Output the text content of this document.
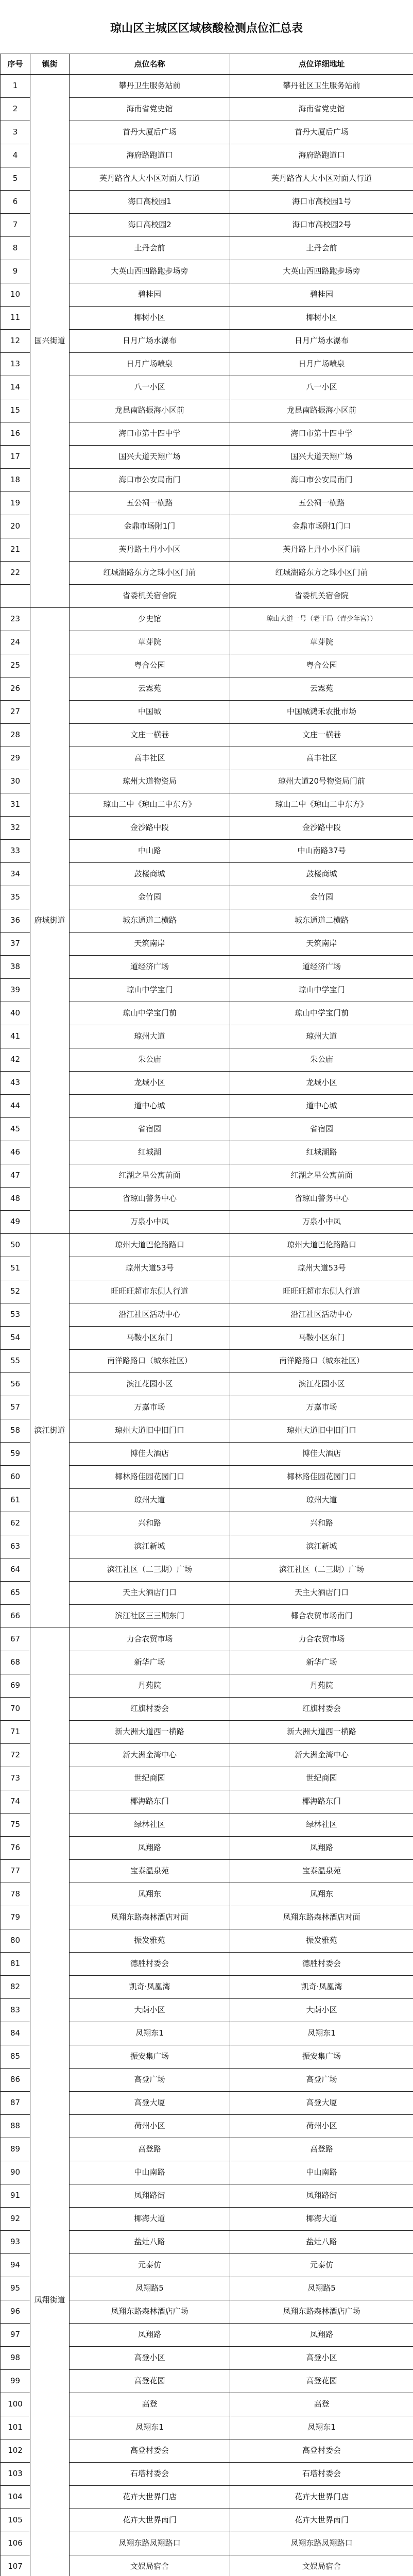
琼山区主城区区域核酸检测点位汇总表
序号	镇街	点位名称	点位详细地址
1	国兴街道	攀丹卫生服务站前	攀丹社区卫生服务站前
2		海南省党史馆	海南省党史馆
3		首丹大厦后广场	首丹大厦后广场
4		海府路跑道口	海府路跑道口
5		芙丹路省人大小区对面人行道	芙丹路省人大小区对面人行道
6		海口高校园1	海口市高校园1号
7		海口高校园2	海口市高校园2号
8		土丹会前	土丹会前
9		大英山西四路跑步场旁	大英山西四路跑步场旁
10		碧桂园	碧桂园
11		椰树小区	椰树小区
12		日月广场水瀑布	日月广场水瀑布
13		日月广场喷泉	日月广场喷泉
14		八一小区	八一小区
15		龙昆南路振海小区前	龙昆南路振海小区前
16		海口市第十四中学	海口市第十四中学
17		国兴大道天翔广场	国兴大道天翔广场
18		海口市公安局南门	海口市公安局南门
19		五公祠一横路	五公祠一横路
20		金鼎市场附1门	金鼎市场附1门口
21		芙丹路土丹小小区	芙丹路上丹小小区门前
22		红城湖路东方之珠小区门前	红城湖路东方之珠小区门前
		省委机关宿舍院	省委机关宿舍院
23	府城街道	少史馆	琼山大道一号（老干局（青少年宫））
24		草芽院	草芽院
25		粤合公园	粤合公园
26		云霖苑	云霖苑
27		中国城	中国城鸿禾农批市场
28		文庄一横巷	文庄一横巷
29		高丰社区	高丰社区
30		琼州大道物资局	琼州大道20号物资局门前
31		琼山二中《琼山二中东方》	琼山二中《琼山二中东方》
32		金沙路中段	金沙路中段
33		中山路	中山南路37号
34		鼓楼商城	鼓楼商城
35		金竹园	金竹园
36		城东通道二横路	城东通道二横路
37		天筑南岸	天筑南岸
38		道经济广场	道经济广场
39		琼山中学宝门	琼山中学宝门
40		琼山中学宝门前	琼山中学宝门前
41		琼州大道	琼州大道
42		朱公庙	朱公庙
43		龙城小区	龙城小区
44		道中心城	道中心城
45		省宿园	省宿园
46		红城湖	红城湖路
47		红湖之星公寓前面	红湖之星公寓前面
48		省琼山警务中心	省琼山警务中心
49		万泉小中凤	万泉小中凤
50	滨江街道	琼州大道巴伦路路口	琼州大道巴伦路路口
51		琼州大道53号	琼州大道53号
52		旺旺旺超市东侧人行道	旺旺旺超市东侧人行道
53		沿江社区活动中心	沿江社区活动中心
54		马鞍小区东门	马鞍小区东门
55		南洋路路口（城东社区）	南洋路路口（城东社区）
56		滨江花园小区	滨江花园小区
57		万嘉市场	万嘉市场
58		琼州大道旧中旧门口	琼州大道旧中旧门口
59		博佳大酒店	博佳大酒店
60		椰林路佳园花园门口	椰林路佳园花园门口
61		琼州大道	琼州大道
62		兴和路	兴和路
63		滨江新城	滨江新城
64		滨江社区（二三期）广场	滨江社区（二三期）广场
65		天主大酒店门口	天主大酒店门口
66		滨江社区三三期东门	椰合农贸市场南门
67	凤翔街道	力合农贸市场	力合农贸市场
68		新华广场	新华广场
69		丹苑院	丹苑院
70		红旗村委会	红旗村委会
71		新大洲大道西一横路	新大洲大道西一横路
72		新大洲金湾中心	新大洲金湾中心
73		世纪商园	世纪商园
74		椰海路东门	椰海路东门
75		绿林社区	绿林社区
76		凤翔路	凤翔路
77		宝泰温泉苑	宝泰温泉苑
78		凤翔东	凤翔东
79		凤翔东路森林酒店对面	凤翔东路森林酒店对面
80		振发雅苑	振发雅苑
81		德胜村委会	德胜村委会
82		凯奇·凤凰湾	凯奇·凤凰湾
83		大荫小区	大荫小区
84		凤翔东1	凤翔东1
85		振安集广场	振安集广场
86		高登广场	高登广场
87		高登大厦	高登大厦
88		荷州小区	荷州小区
89		高登路	高登路
90		中山南路	中山南路
91		凤翔路街	凤翔路街
92		椰海大道	椰海大道
93		盐灶八路	盐灶八路
94		元泰仿	元泰仿
95		凤翔路5	凤翔路5
96		凤翔东路森林酒店广场	凤翔东路森林酒店广场
97		凤翔路	凤翔路
98		高登小区	高登小区
99		高登花园	高登花园
100		高登	高登
101		凤翔东1	凤翔东1
102		高登村委会	高登村委会
103		石塔村委会	石塔村委会
104		花卉大世界门店	花卉大世界门店
105		花卉大世界南门	花卉大世界南门
106		凤翔东路凤翔路口	凤翔东路凤翔路口
107		文娱局宿舍	文娱局宿舍
